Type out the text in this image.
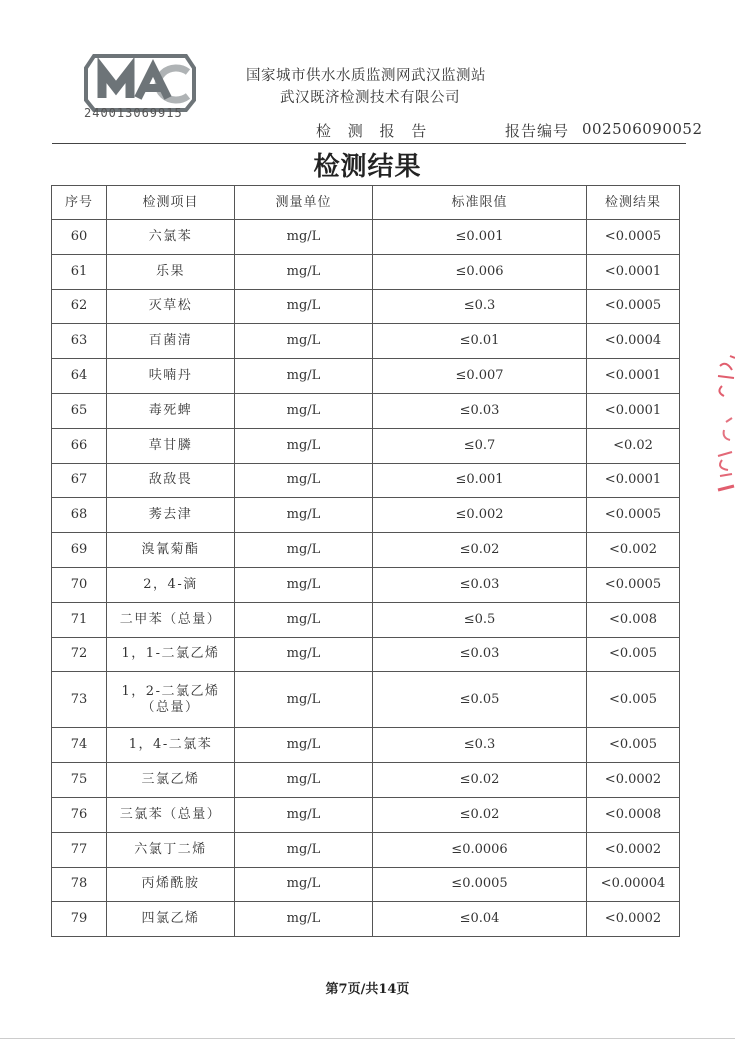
240013069915
国家城市供水水质监测网武汉监测站
武汉既济检测技术有限公司
检 测 报 告	报告编号 002506090052
检测结果
序号	检测项目	测量单位	标准限值	检测结果
60	六氯苯	mg/L	≤0.001	<0.0005
61	乐果	mg/L	≤0.006	<0.0001
62	灭草松	mg/L	≤0.3	<0.0005
63	百菌清	mg/L	≤0.01	<0.0004
64	呋喃丹	mg/L	≤0.007	<0.0001
65	毒死蜱	mg/L	≤0.03	<0.0001
66	草甘膦	mg/L	≤0.7	<0.02
67	敌敌畏	mg/L	≤0.001	<0.0001
68	莠去津	mg/L	≤0.002	<0.0005
69	溴氰菊酯	mg/L	≤0.02	<0.002
70	2，4-滴	mg/L	≤0.03	<0.0005
71	二甲苯（总量）	mg/L	≤0.5	<0.008
72	1，1-二氯乙烯	mg/L	≤0.03	<0.005
73	1，2-二氯乙烯（总量）	mg/L	≤0.05	<0.005
74	1，4-二氯苯	mg/L	≤0.3	<0.005
75	三氯乙烯	mg/L	≤0.02	<0.0002
76	三氯苯（总量）	mg/L	≤0.02	<0.0008
77	六氯丁二烯	mg/L	≤0.0006	<0.0002
78	丙烯酰胺	mg/L	≤0.0005	<0.00004
79	四氯乙烯	mg/L	≤0.04	<0.0002
第7页/共14页
